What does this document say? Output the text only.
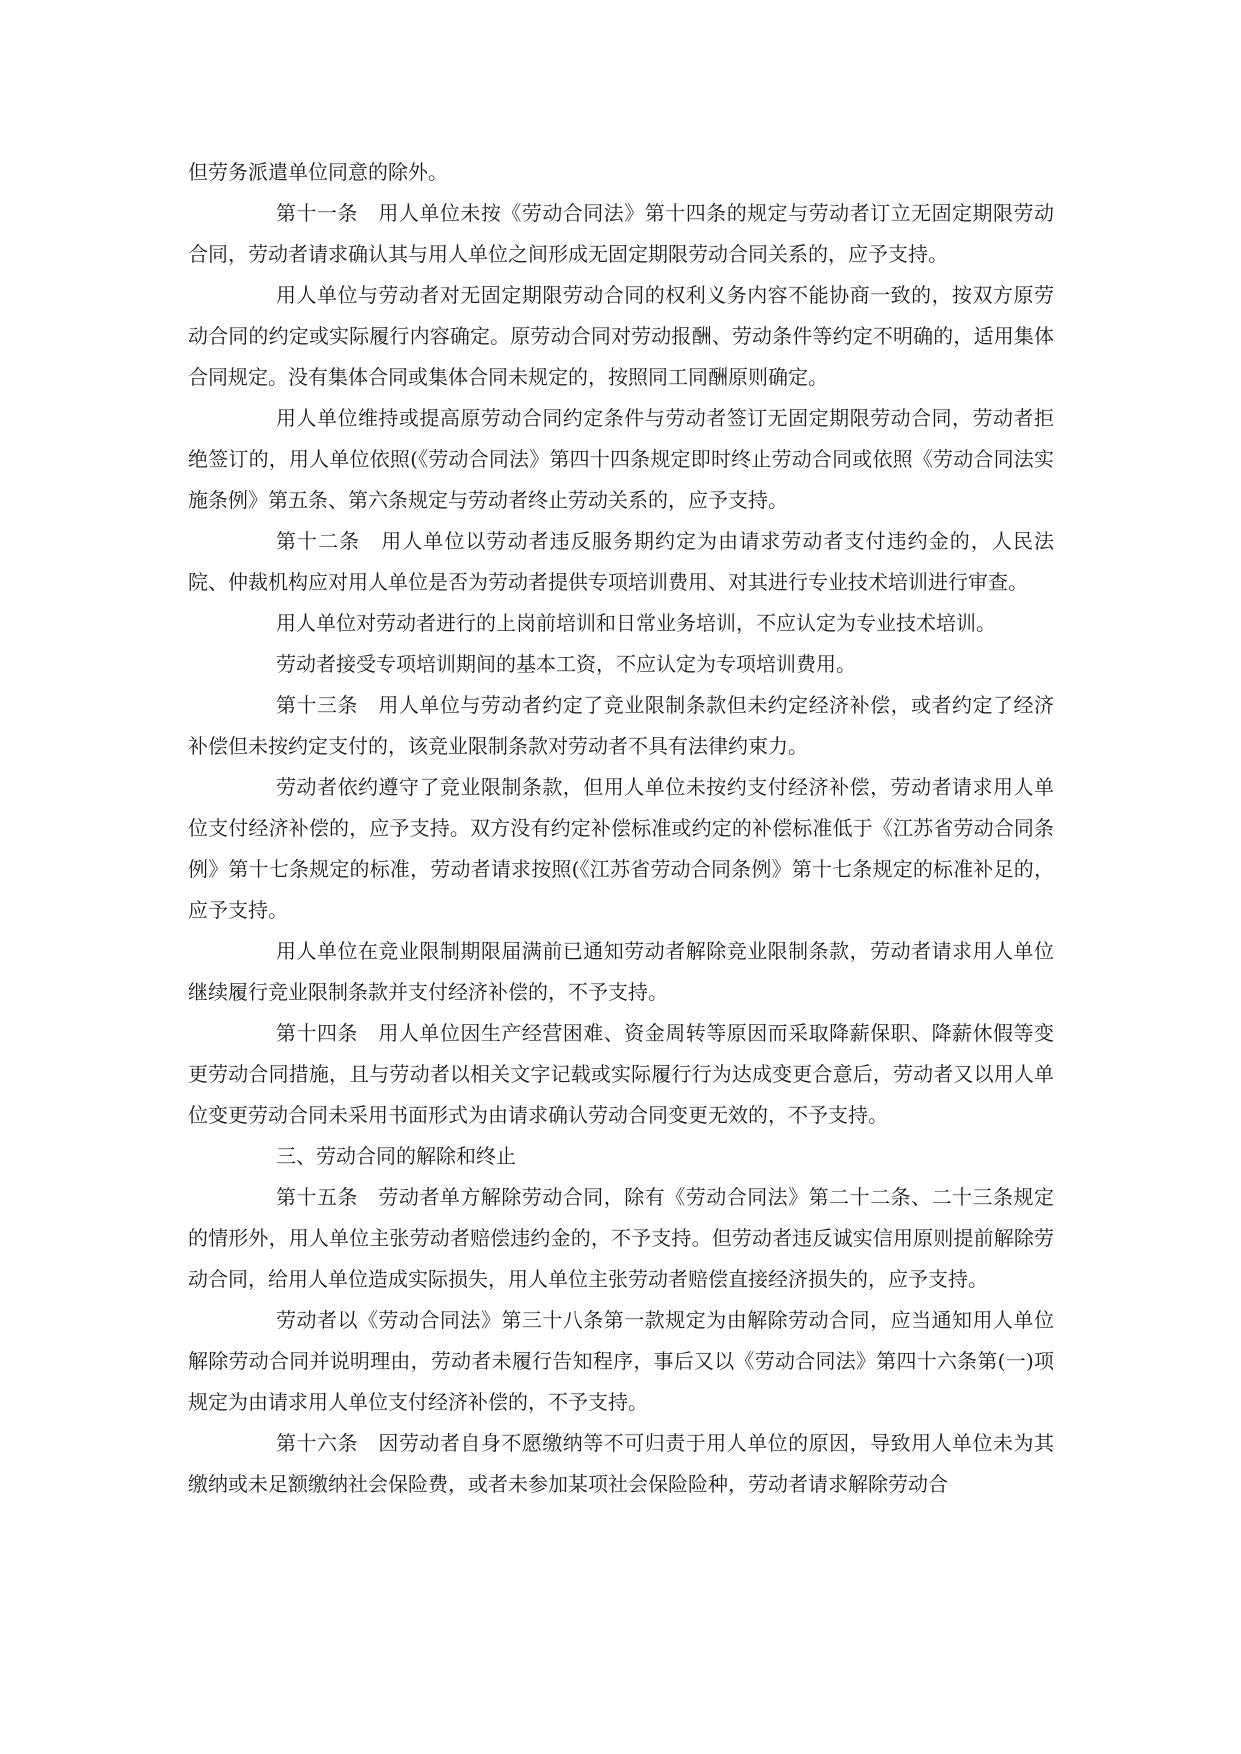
但劳务派遣单位同意的除外。

第十一条　用人单位未按《劳动合同法》第十四条的规定与劳动者订立无固定期限劳动合同，劳动者请求确认其与用人单位之间形成无固定期限劳动合同关系的，应予支持。

用人单位与劳动者对无固定期限劳动合同的权利义务内容不能协商一致的，按双方原劳动合同的约定或实际履行内容确定。原劳动合同对劳动报酬、劳动条件等约定不明确的，适用集体合同规定。没有集体合同或集体合同未规定的，按照同工同酬原则确定。

用人单位维持或提高原劳动合同约定条件与劳动者签订无固定期限劳动合同，劳动者拒绝签订的，用人单位依照(《劳动合同法》第四十四条规定即时终止劳动合同或依照《劳动合同法实施条例》第五条、第六条规定与劳动者终止劳动关系的，应予支持。

第十二条　用人单位以劳动者违反服务期约定为由请求劳动者支付违约金的，人民法院、仲裁机构应对用人单位是否为劳动者提供专项培训费用、对其进行专业技术培训进行审查。

用人单位对劳动者进行的上岗前培训和日常业务培训，不应认定为专业技术培训。

劳动者接受专项培训期间的基本工资，不应认定为专项培训费用。

第十三条　用人单位与劳动者约定了竞业限制条款但未约定经济补偿，或者约定了经济补偿但未按约定支付的，该竞业限制条款对劳动者不具有法律约束力。

劳动者依约遵守了竞业限制条款，但用人单位未按约支付经济补偿，劳动者请求用人单位支付经济补偿的，应予支持。双方没有约定补偿标准或约定的补偿标准低于《江苏省劳动合同条例》第十七条规定的标准，劳动者请求按照(《江苏省劳动合同条例》第十七条规定的标准补足的，应予支持。

用人单位在竞业限制期限届满前已通知劳动者解除竞业限制条款，劳动者请求用人单位继续履行竞业限制条款并支付经济补偿的，不予支持。

第十四条　用人单位因生产经营困难、资金周转等原因而采取降薪保职、降薪休假等变更劳动合同措施，且与劳动者以相关文字记载或实际履行行为达成变更合意后，劳动者又以用人单位变更劳动合同未采用书面形式为由请求确认劳动合同变更无效的，不予支持。

三、劳动合同的解除和终止

第十五条　劳动者单方解除劳动合同，除有《劳动合同法》第二十二条、二十三条规定的情形外，用人单位主张劳动者赔偿违约金的，不予支持。但劳动者违反诚实信用原则提前解除劳动合同，给用人单位造成实际损失，用人单位主张劳动者赔偿直接经济损失的，应予支持。

劳动者以《劳动合同法》第三十八条第一款规定为由解除劳动合同，应当通知用人单位解除劳动合同并说明理由，劳动者未履行告知程序，事后又以《劳动合同法》第四十六条第(一)项规定为由请求用人单位支付经济补偿的，不予支持。

第十六条　因劳动者自身不愿缴纳等不可归责于用人单位的原因，导致用人单位未为其缴纳或未足额缴纳社会保险费，或者未参加某项社会保险险种，劳动者请求解除劳动合
